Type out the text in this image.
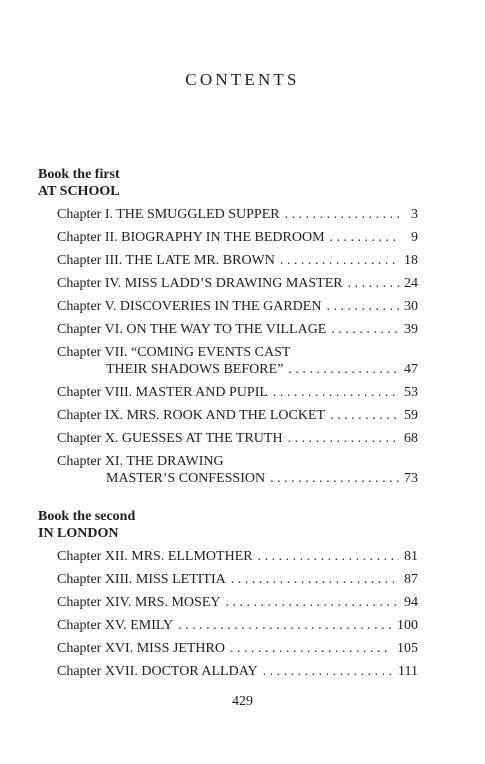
CONTENTS
Book the first
AT SCHOOL
Chapter I. THE SMUGGLED SUPPER . . .	3
Chapter II. BIOGRAPHY IN THE BEDROOM . . .	9
Chapter III. THE LATE MR. BROWN . . .	18
Chapter IV. MISS LADD’S DRAWING MASTER . . .	24
Chapter V. DISCOVERIES IN THE GARDEN . . .	30
Chapter VI. ON THE WAY TO THE VILLAGE . . .	39
Chapter VII. “COMING EVENTS CAST
THEIR SHADOWS BEFORE” . . .	47
Chapter VIII. MASTER AND PUPIL . . .	53
Chapter IX. MRS. ROOK AND THE LOCKET . . .	59
Chapter X. GUESSES AT THE TRUTH . . .	68
Chapter XI. THE DRAWING
MASTER’S CONFESSION . . .	73
Book the second
IN LONDON
Chapter XII. MRS. ELLMOTHER . . .	81
Chapter XIII. MISS LETITIA . . .	87
Chapter XIV. MRS. MOSEY . . .	94
Chapter XV. EMILY . . .	100
Chapter XVI. MISS JETHRO . . .	105
Chapter XVII. DOCTOR ALLDAY . . .	111
429
